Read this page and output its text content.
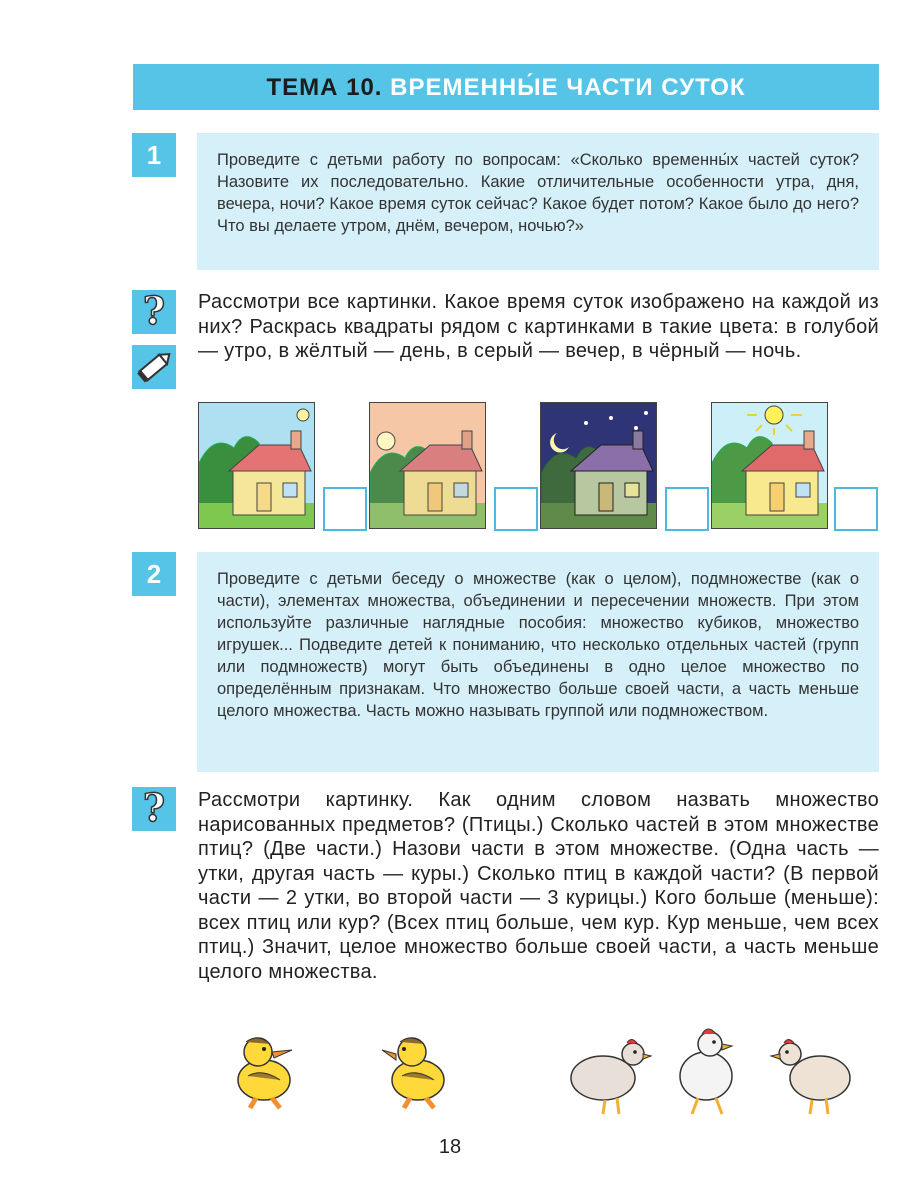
ТЕМА 10. ВРЕМЕННЫ́Е ЧАСТИ СУТОК
1	Проведите с детьми работу по вопросам: «Сколько временны́х частей суток? Назовите их последовательно. Какие отличительные особенности утра, дня, вечера, ночи? Какое время суток сейчас? Какое будет потом? Какое было до него? Что вы делаете утром, днём, вечером, ночью?»

?	Рассмотри все картинки. Какое время суток изображено на каждой из них? Раскрась квадраты рядом с картинками в такие цвета: в голубой — утро, в жёлтый — день, в серый — вечер, в чёрный — ночь.

2	Проведите с детьми беседу о множестве (как о целом), подмножестве (как о части), элементах множества, объединении и пересечении множеств. При этом используйте различные наглядные пособия: множество кубиков, множество игрушек... Подведите детей к пониманию, что несколько отдельных частей (групп или подмножеств) могут быть объединены в одно целое множество по определённым признакам. Что множество больше своей части, а часть меньше целого множества. Часть можно называть группой или подмножеством.

?	Рассмотри картинку. Как одним словом назвать множество нарисованных предметов? (Птицы.) Сколько частей в этом множестве птиц? (Две части.) Назови части в этом множестве. (Одна часть — утки, другая часть — куры.) Сколько птиц в каждой части? (В первой части — 2 утки, во второй части — 3 курицы.) Кого больше (меньше): всех птиц или кур? (Всех птиц больше, чем кур. Кур меньше, чем всех птиц.) Значит, целое множество больше своей части, а часть меньше целого множества.

18
